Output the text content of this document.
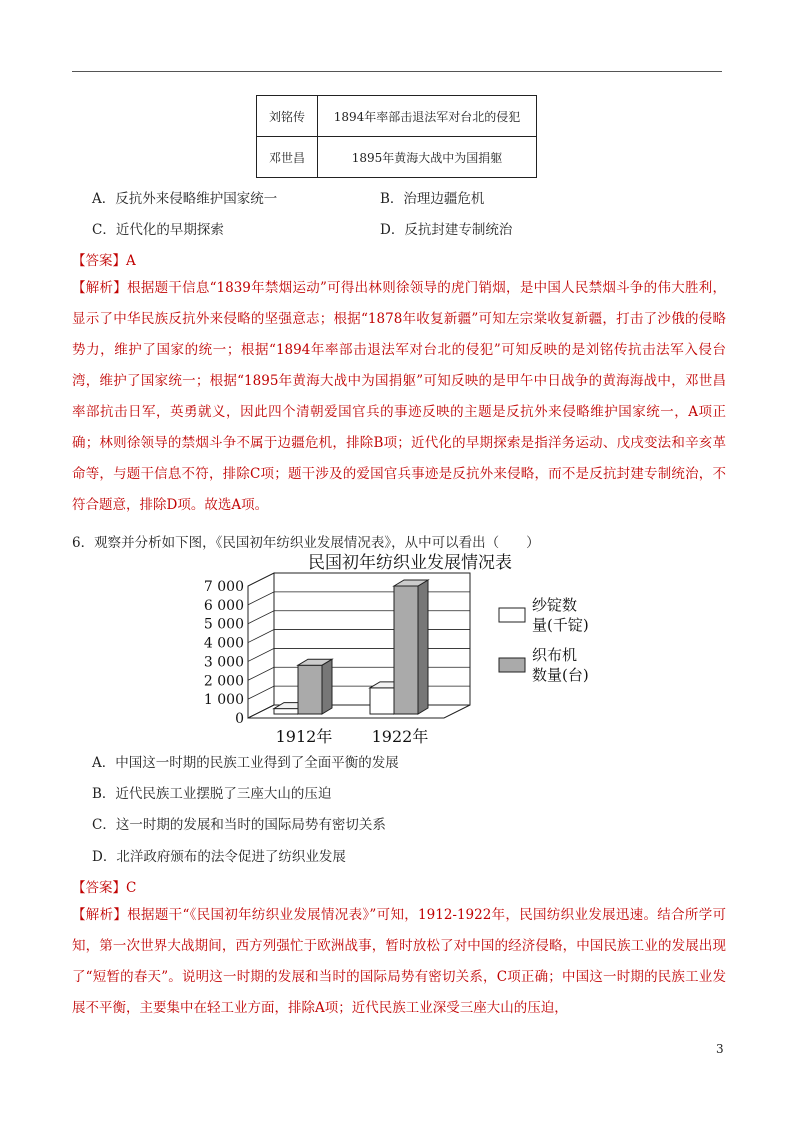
刘铭传	1894年率部击退法军对台北的侵犯
邓世昌	1895年黄海大战中为国捐躯
A．反抗外来侵略维护国家统一	B．治理边疆危机
C．近代化的早期探索	D．反抗封建专制统治
【答案】A
【解析】根据题干信息“1839年禁烟运动”可得出林则徐领导的虎门销烟，是中国人民禁烟斗争的伟大胜利，显示了中华民族反抗外来侵略的坚强意志；根据“1878年收复新疆”可知左宗棠收复新疆，打击了沙俄的侵略势力，维护了国家的统一；根据“1894年率部击退法军对台北的侵犯”可知反映的是刘铭传抗击法军入侵台湾，维护了国家统一；根据“1895年黄海大战中为国捐躯”可知反映的是甲午中日战争的黄海海战中，邓世昌率部抗击日军，英勇就义，因此四个清朝爱国官兵的事迹反映的主题是反抗外来侵略维护国家统一，A项正确；林则徐领导的禁烟斗争不属于边疆危机，排除B项；近代化的早期探索是指洋务运动、戊戌变法和辛亥革命等，与题干信息不符，排除C项；题干涉及的爱国官兵事迹是反抗外来侵略，而不是反抗封建专制统治，不符合题意，排除D项。故选A项。
6．观察并分析如下图，《民国初年纺织业发展情况表》，从中可以看出（　　）
民国初年纺织业发展情况表
0
1 000
2 000
3 000
4 000
5 000
6 000
7 000
1912年 1922年
纱锭数
量(千锭)
织布机
数量(台)
A．中国这一时期的民族工业得到了全面平衡的发展
B．近代民族工业摆脱了三座大山的压迫
C．这一时期的发展和当时的国际局势有密切关系
D．北洋政府颁布的法令促进了纺织业发展
【答案】C
【解析】根据题干“《民国初年纺织业发展情况表》”可知，1912-1922年，民国纺织业发展迅速。结合所学可知，第一次世界大战期间，西方列强忙于欧洲战事，暂时放松了对中国的经济侵略，中国民族工业的发展出现了“短暂的春天”。说明这一时期的发展和当时的国际局势有密切关系，C项正确；中国这一时期的民族工业发展不平衡，主要集中在轻工业方面，排除A项；近代民族工业深受三座大山的压迫，
3
